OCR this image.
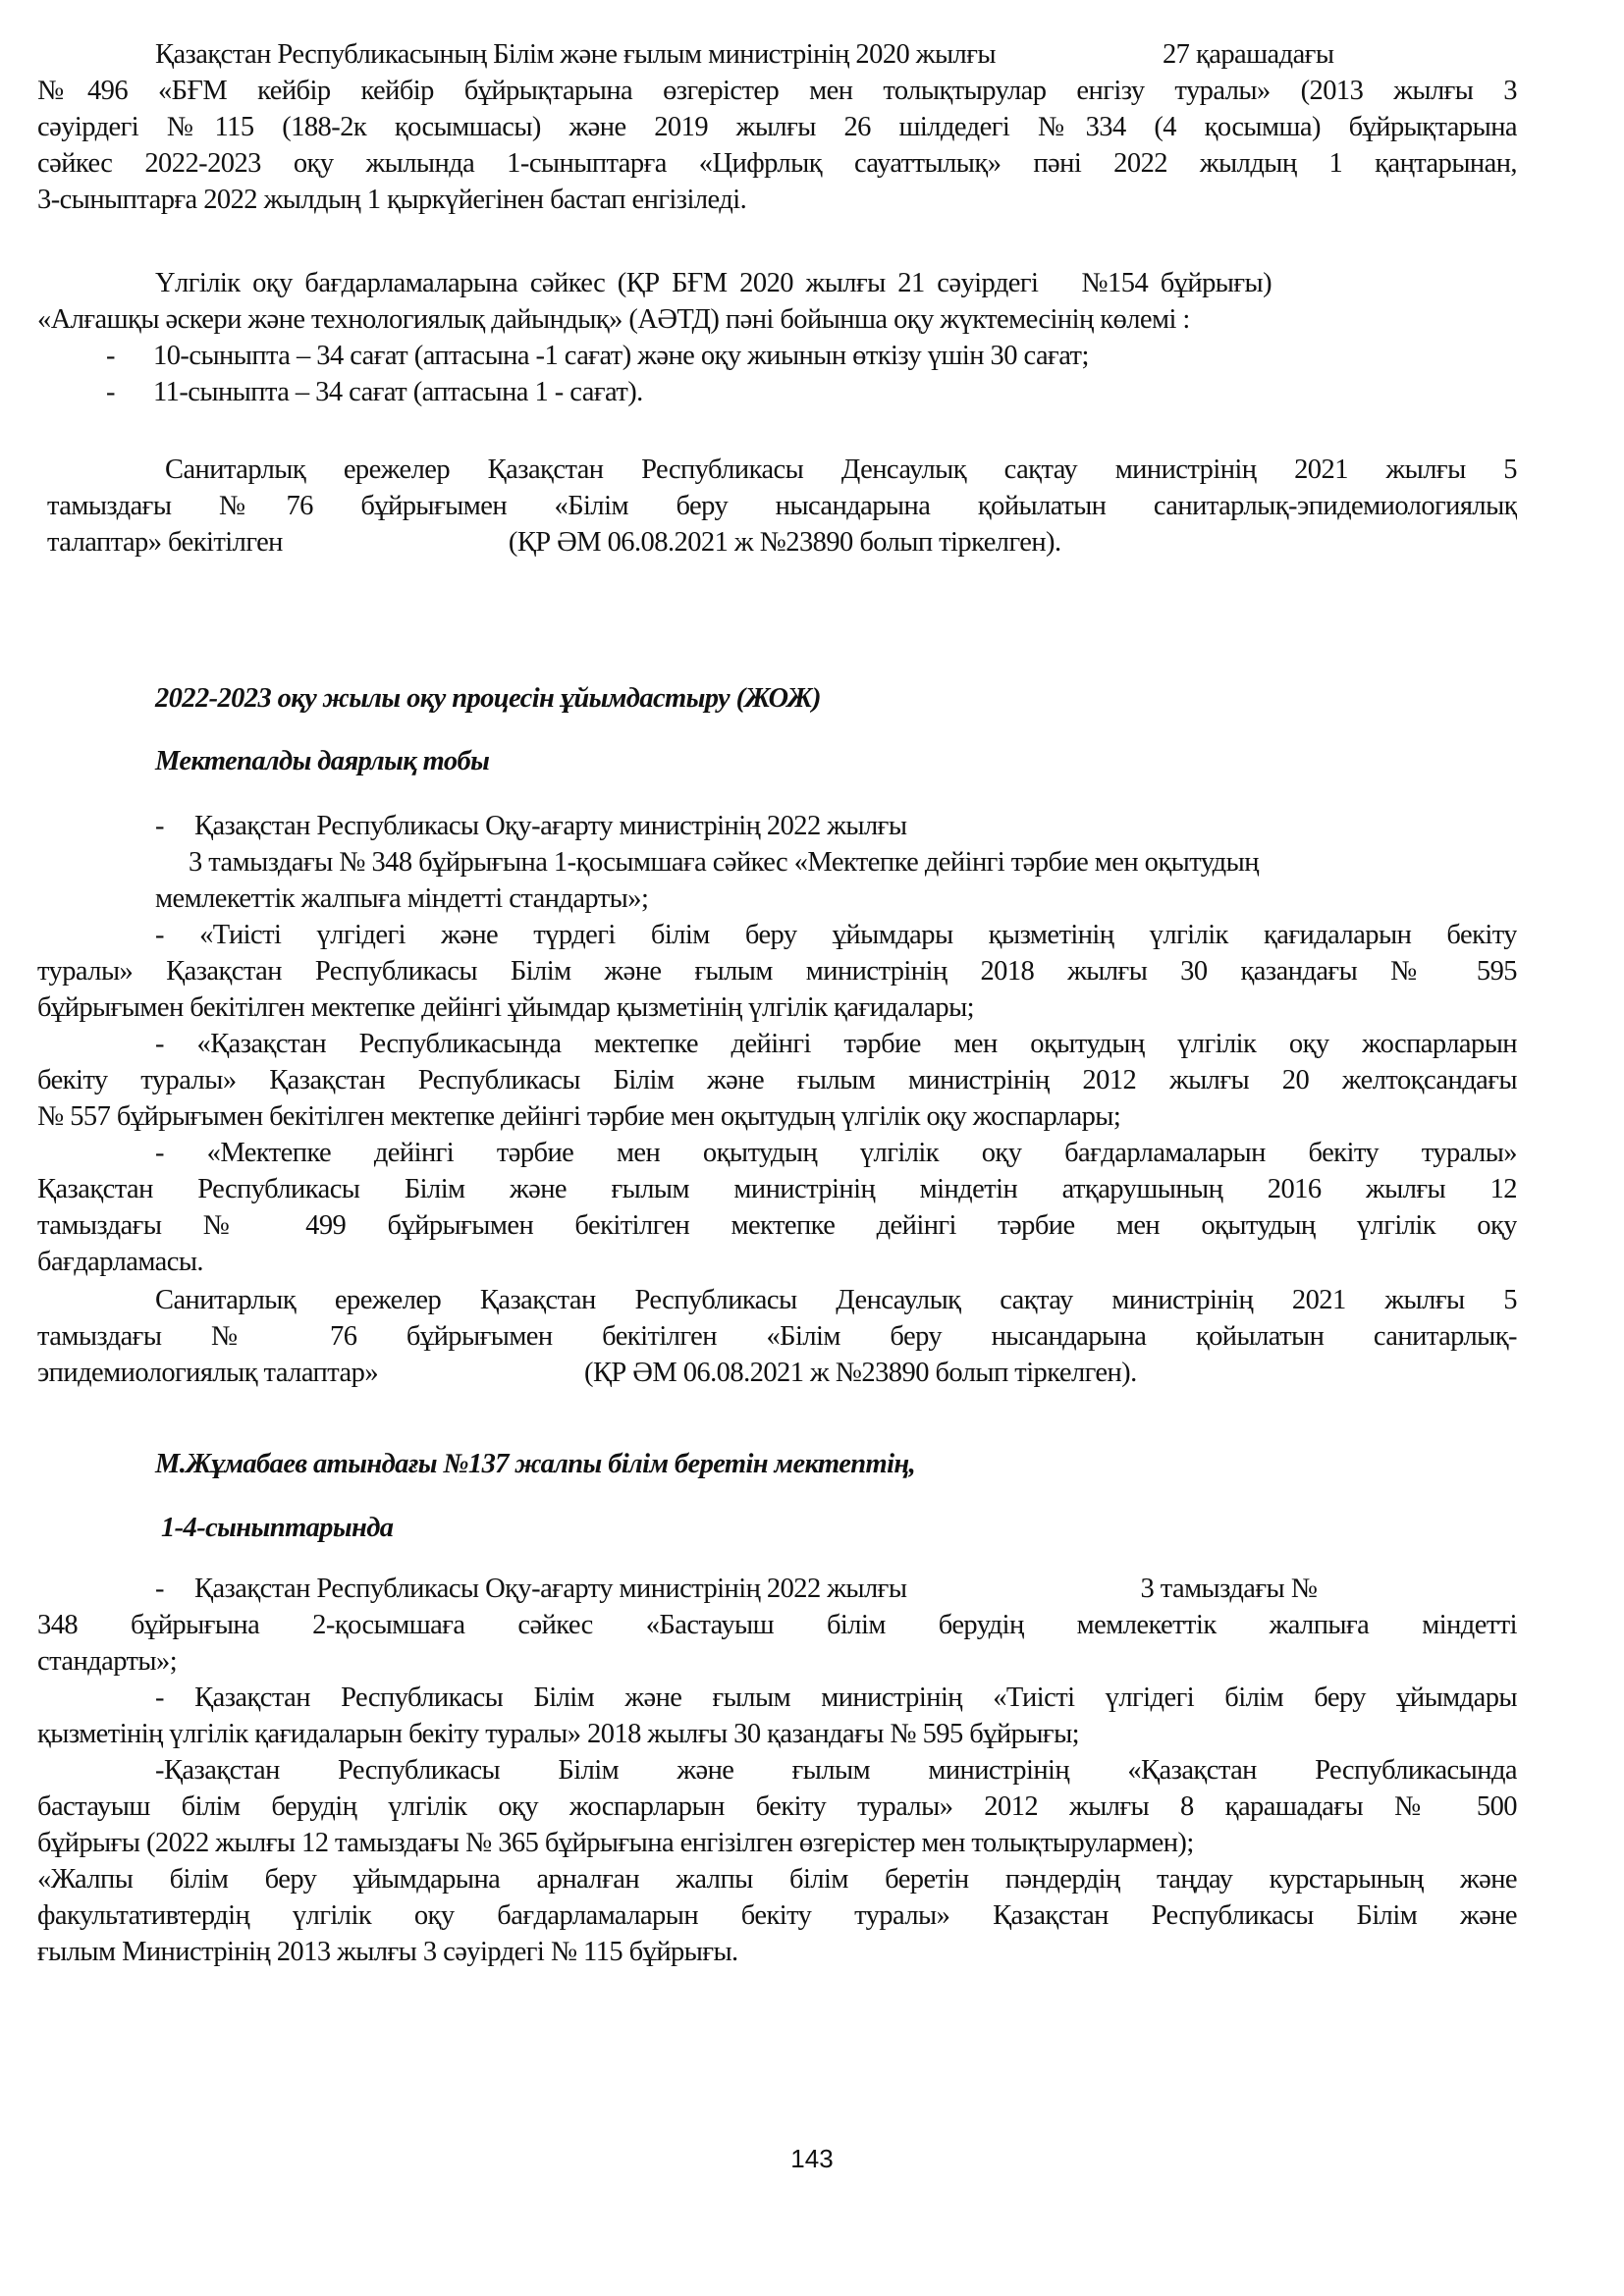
Қазақстан Республикасының Білім және ғылым министрінің 2020 жылғы	27 қарашадағы
№496 «БҒМ кейбір кейбір бұйрықтарына өзгерістер мен толықтырулар енгізу туралы» (2013 жылғы 3
сәуірдегі №115 (188-2к қосымшасы) және 2019 жылғы 26 шілдедегі №334 (4 қосымша) бұйрықтарына
сәйкес 2022-2023 оқу жылында 1-сыныптарға «Цифрлық сауаттылық» пәні 2022 жылдың 1 қаңтарынан,
3-сыныптарға 2022 жылдың 1 қыркүйегінен бастап енгізіледі.
Үлгілік оқу бағдарламаларына сәйкес (ҚР БҒМ 2020 жылғы 21 сәуірдегі №154 бұйрығы)
«Алғашқы әскери және технологиялық дайындық» (АӘТД) пәні бойынша оқу жүктемесінің көлемі :
- 10-сыныпта – 34 сағат (аптасына -1 сағат) және оқу жиынын өткізу үшін 30 сағат;
- 11-сыныпта – 34 сағат (аптасына 1 - сағат).
Санитарлық ережелер Қазақстан Республикасы Денсаулық сақтау министрінің 2021 жылғы 5
тамыздағы №76 бұйрығымен «Білім беру нысандарына қойылатын санитарлық-эпидемиологиялық
талаптар» бекітілген	(ҚР ӘМ 06.08.2021 ж №23890 болып тіркелген).
2022-2023 оқу жылы оқу процесін ұйымдастыру (ЖОЖ)
Мектепалды даярлық тобы
- Қазақстан Республикасы Оқу-ағарту министрінің 2022 жылғы
3 тамыздағы № 348 бұйрығына 1-қосымшаға сәйкес «Мектепке дейінгі тәрбие мен оқытудың
мемлекеттік жалпыға міндетті стандарты»;
- «Тиісті үлгідегі және түрдегі білім беру ұйымдары қызметінің үлгілік қағидаларын бекіту
туралы» Қазақстан Республикасы Білім және ғылым министрінің 2018 жылғы 30 қазандағы № 595
бұйрығымен бекітілген мектепке дейінгі ұйымдар қызметінің үлгілік қағидалары;
- «Қазақстан Республикасында мектепке дейінгі тәрбие мен оқытудың үлгілік оқу жоспарларын
бекіту туралы» Қазақстан Республикасы Білім және ғылым министрінің 2012 жылғы 20 желтоқсандағы
№ 557 бұйрығымен бекітілген мектепке дейінгі тәрбие мен оқытудың үлгілік оқу жоспарлары;
- «Мектепке дейінгі тәрбие мен оқытудың үлгілік оқу бағдарламаларын бекіту туралы»
Қазақстан Республикасы Білім және ғылым министрінің міндетін атқарушының 2016 жылғы 12
тамыздағы № 499 бұйрығымен бекітілген мектепке дейінгі тәрбие мен оқытудың үлгілік оқу
бағдарламасы.
Санитарлық ережелер Қазақстан Республикасы Денсаулық сақтау министрінің 2021 жылғы 5
тамыздағы № 76 бұйрығымен бекітілген «Білім беру нысандарына қойылатын санитарлық-
эпидемиологиялық талаптар»	(ҚР ӘМ 06.08.2021 ж №23890 болып тіркелген).
М.Жұмабаев атындағы №137 жалпы білім беретін мектептің,
1-4-сыныптарында
- Қазақстан Республикасы Оқу-ағарту министрінің 2022 жылғы	3 тамыздағы №
348 бұйрығына 2-қосымшаға сәйкес «Бастауыш білім берудің мемлекеттік жалпыға міндетті
стандарты»;
- Қазақстан Республикасы Білім және ғылым министрінің «Тиісті үлгідегі білім беру ұйымдары
қызметінің үлгілік қағидаларын бекіту туралы» 2018 жылғы 30 қазандағы № 595 бұйрығы;
-Қазақстан Республикасы Білім және ғылым министрінің «Қазақстан Республикасында
бастауыш білім берудің үлгілік оқу жоспарларын бекіту туралы» 2012 жылғы 8 қарашадағы № 500
бұйрығы (2022 жылғы 12 тамыздағы № 365 бұйрығына енгізілген өзгерістер мен толықтырулармен);
«Жалпы білім беру ұйымдарына арналған жалпы білім беретін пәндердің таңдау курстарының және
факультативтердің үлгілік оқу бағдарламаларын бекіту туралы» Қазақстан Республикасы Білім және
ғылым Министрінің 2013 жылғы 3 сәуірдегі № 115 бұйрығы.
143
